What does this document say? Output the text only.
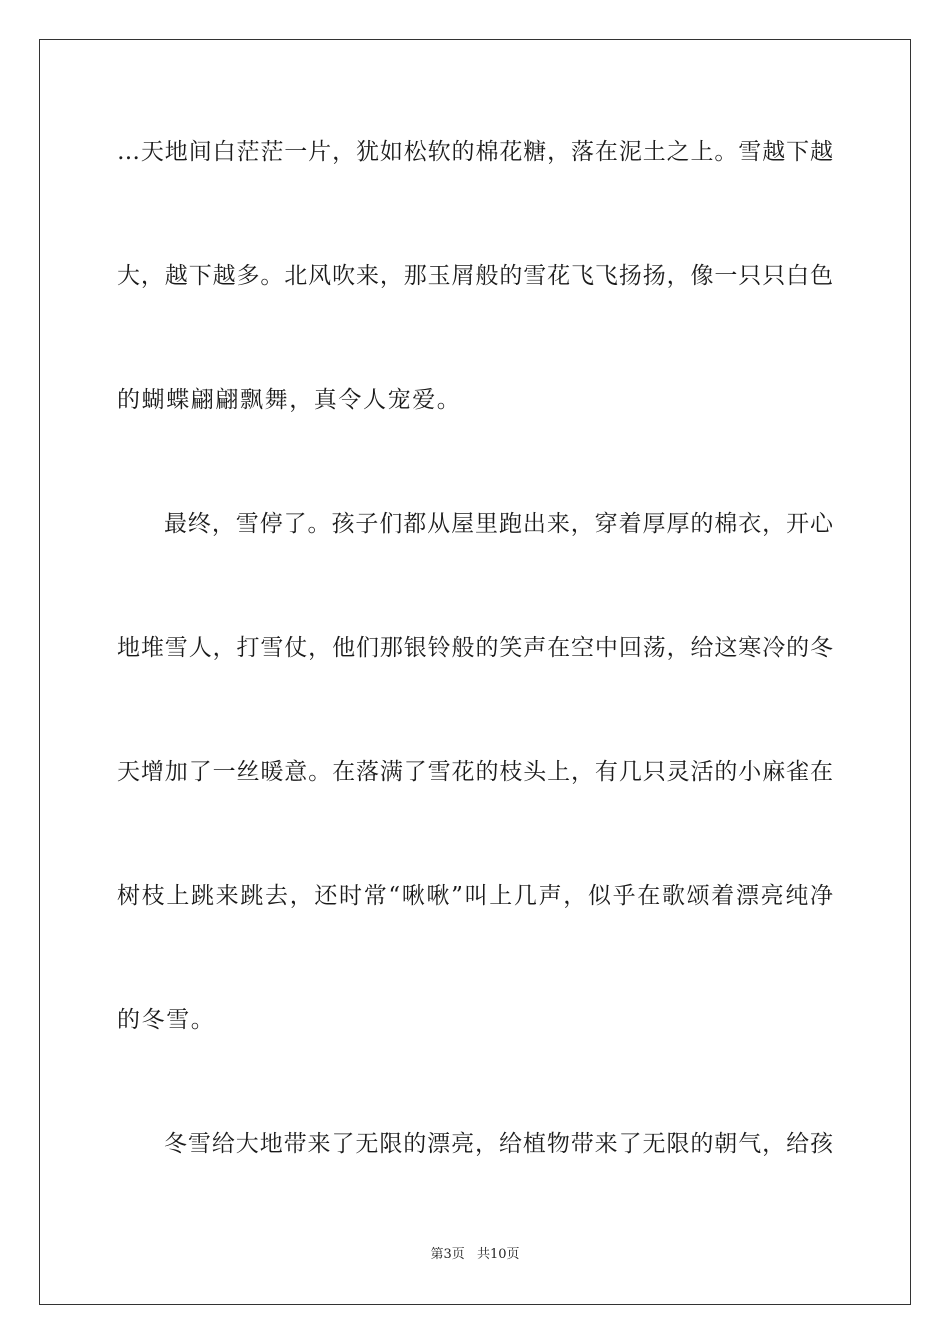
…天地间白茫茫一片，犹如松软的棉花糖，落在泥土之上。雪越下越
大，越下越多。北风吹来，那玉屑般的雪花飞飞扬扬，像一只只白色
的蝴蝶翩翩飘舞，真令人宠爱。
最终，雪停了。孩子们都从屋里跑出来，穿着厚厚的棉衣，开心
地堆雪人，打雪仗，他们那银铃般的笑声在空中回荡，给这寒冷的冬
天增加了一丝暖意。在落满了雪花的枝头上，有几只灵活的小麻雀在
树枝上跳来跳去，还时常“啾啾”叫上几声，似乎在歌颂着漂亮纯净
的冬雪。
冬雪给大地带来了无限的漂亮，给植物带来了无限的朝气，给孩
第3页 共10页
